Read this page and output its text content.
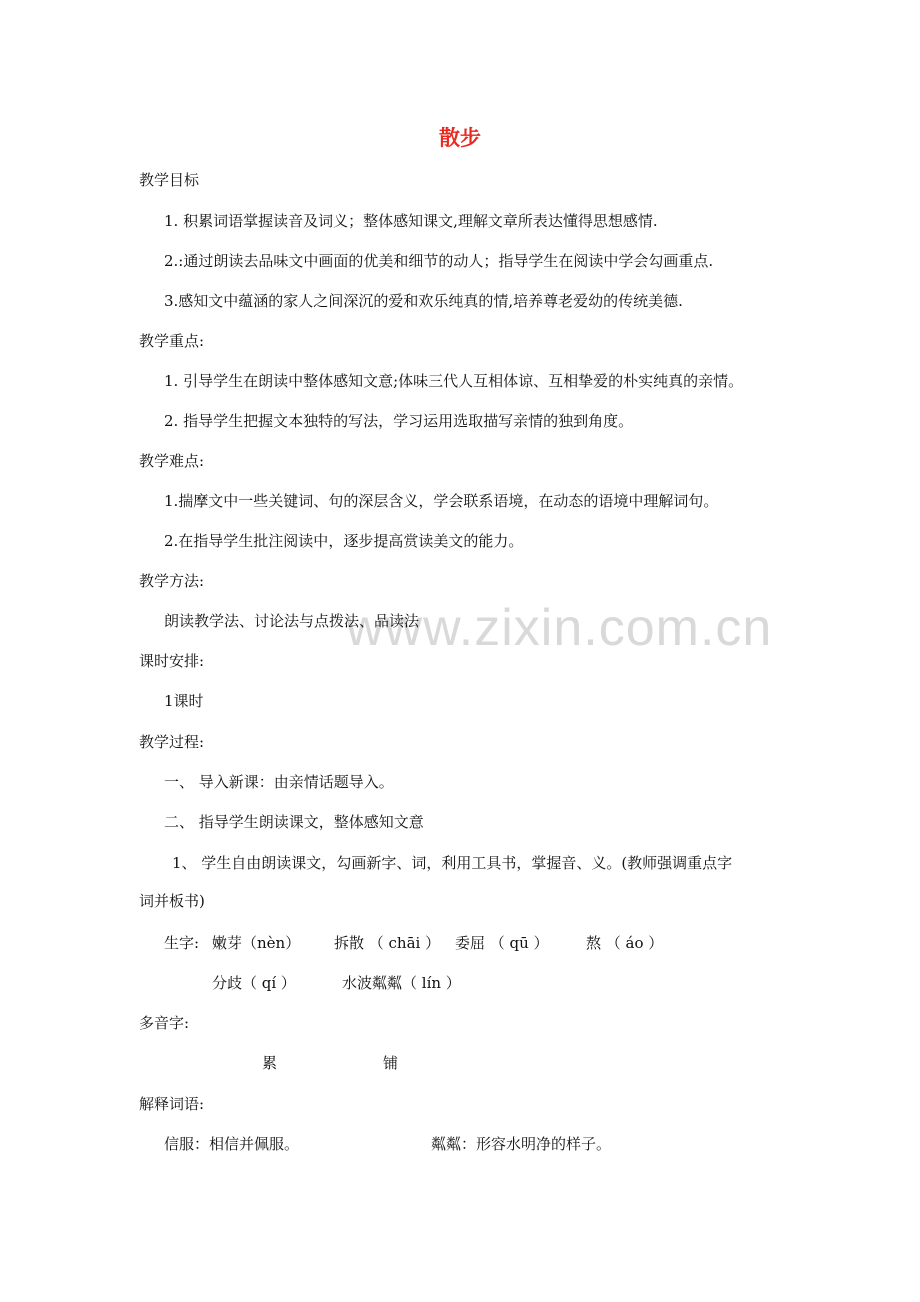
散步
www.zixin.com.cn
教学目标
1. 积累词语掌握读音及词义；整体感知课文,理解文章所表达懂得思想感情.
2.:通过朗读去品味文中画面的优美和细节的动人；指导学生在阅读中学会勾画重点.
3.感知文中蕴涵的家人之间深沉的爱和欢乐纯真的情,培养尊老爱幼的传统美德.
教学重点:
1. 引导学生在朗读中整体感知文意;体味三代人互相体谅、互相挚爱的朴实纯真的亲情。
2. 指导学生把握文本独特的写法，学习运用选取描写亲情的独到角度。
教学难点:
1.揣摩文中一些关键词、句的深层含义，学会联系语境，在动态的语境中理解词句。
2.在指导学生批注阅读中，逐步提高赏读美文的能力。
教学方法:
朗读教学法、讨论法与点拨法、品读法
课时安排:
1课时
教学过程:
一、 导入新课：由亲情话题导入。
二、 指导学生朗读课文，整体感知文意
1、 学生自由朗读课文，勾画新字、词，利用工具书，掌握音、义。(教师强调重点字
词并板书)
生字: 嫩芽（nèn） 拆散 （ chāi ） 委屈 （ qū ） 熬 （ áo ）
分歧（ qí ）	水波粼粼（ lín ）
多音字:
累	铺
解释词语:
信服：相信并佩服。	粼粼：形容水明净的样子。
